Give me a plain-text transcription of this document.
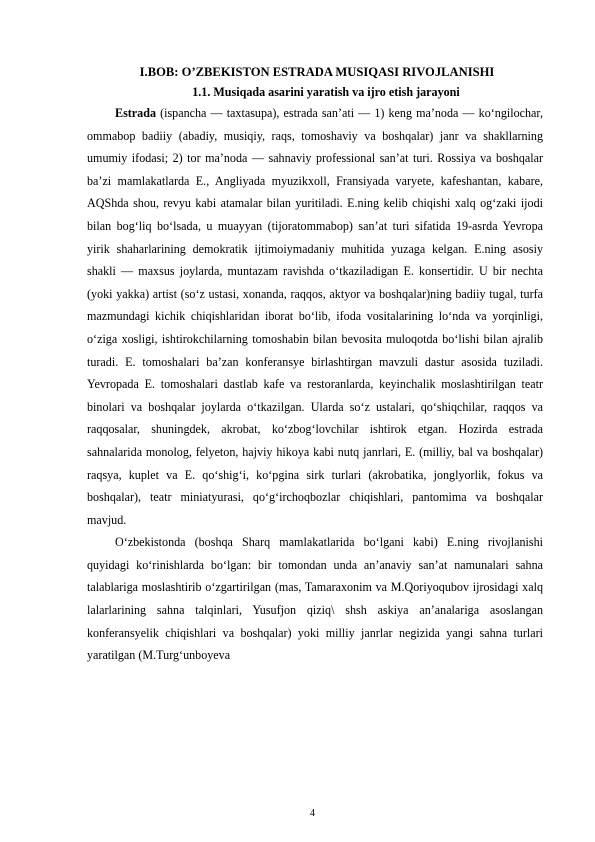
I.BOB: O’ZBEKISTON ESTRADA MUSIQASI RIVOJLANISHI
1.1. Musiqada asarini yaratish va ijro etish jarayoni

Estrada (ispancha — taxtasupa), estrada san’ati — 1) keng ma’noda — ko‘ngilochar, ommabop badiiy (abadiy, musiqiy, raqs, tomoshaviy va boshqalar) janr va shakllarning umumiy ifodasi; 2) tor ma’noda — sahnaviy professional san’at turi. Rossiya va boshqalar ba’zi mamlakatlarda E., Angliyada myuzikxoll, Fransiyada varyete, kafeshantan, kabare, AQShda shou, revyu kabi atamalar bilan yuritiladi. E.ning kelib chiqishi xalq og‘zaki ijodi bilan bog‘liq bo‘lsada, u muayyan (tijoratommabop) san’at turi sifatida 19-asrda Yevropa yirik shaharlarining demokratik ijtimoiymadaniy muhitida yuzaga kelgan. E.ning asosiy shakli — maxsus joylarda, muntazam ravishda o‘tkaziladigan E. konsertidir. U bir nechta (yoki yakka) artist (so‘z ustasi, xonanda, raqqos, aktyor va boshqalar)ning badiiy tugal, turfa mazmundagi kichik chiqishlaridan iborat bo‘lib, ifoda vositalarining lo‘nda va yorqinligi, o‘ziga xosligi, ishtirokchilarning tomoshabin bilan bevosita muloqotda bo‘lishi bilan ajralib turadi. E. tomoshalari ba’zan konferansye birlashtirgan mavzuli dastur asosida tuziladi. Yevropada E. tomoshalari dastlab kafe va restoranlarda, keyinchalik moslashtirilgan teatr binolari va boshqalar joylarda o‘tkazilgan. Ularda so‘z ustalari, qo‘shiqchilar, raqqos va raqqosalar, shuningdek, akrobat, ko‘zbog‘lovchilar ishtirok etgan. Hozirda estrada sahnalarida monolog, felyeton, hajviy hikoya kabi nutq janrlari, E. (milliy, bal va boshqalar) raqsya, kuplet va E. qo‘shig‘i, ko‘pgina sirk turlari (akrobatika, jonglyorlik, fokus va boshqalar), teatr miniatyurasi, qo‘g‘irchoqbozlar chiqishlari, pantomima va boshqalar mavjud.

O‘zbekistonda (boshqa Sharq mamlakatlarida bo‘lgani kabi) E.ning rivojlanishi quyidagi ko‘rinishlarda bo‘lgan: bir tomondan unda an’anaviy san’at namunalari sahna talablariga moslashtirib o‘zgartirilgan (mas, Tamaraxonim va M.Qoriyoqubov ijrosidagi xalq lalarlarining sahna talqinlari, Yusufjon qiziq\ shsh askiya an’analariga asoslangan konferansyelik chiqishlari va boshqalar) yoki milliy janrlar negizida yangi sahna turlari yaratilgan (M.Turg‘unboyeva

4
